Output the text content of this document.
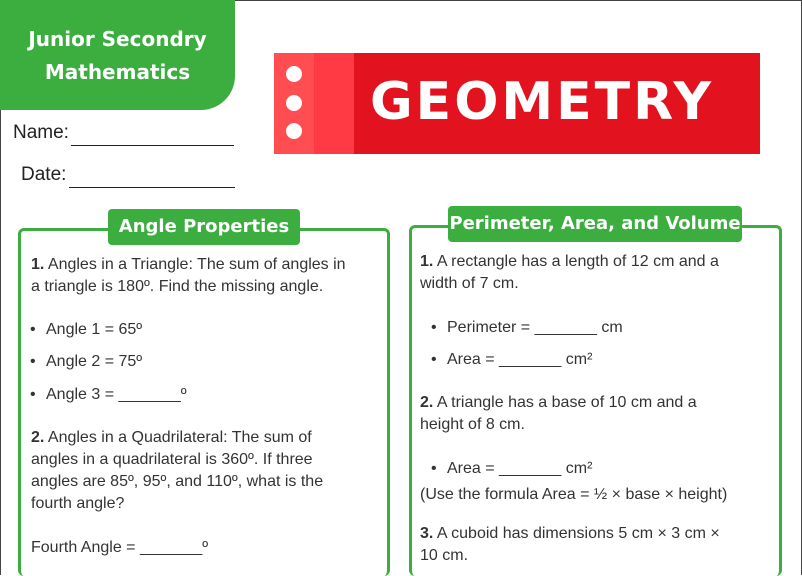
Junior Secondry
Mathematics
Name:
Date:
GEOMETRY
Angle Properties
1. Angles in a Triangle: The sum of angles in
a triangle is 180º. Find the missing angle.
• Angle 1 = 65º
• Angle 2 = 75º
• Angle 3 = _______º
2. Angles in a Quadrilateral: The sum of
angles in a quadrilateral is 360º. If three
angles are 85º, 95º, and 110º, what is the
fourth angle?
Fourth Angle = _______º
Perimeter, Area, and Volume
1. A rectangle has a length of 12 cm and a
width of 7 cm.
• Perimeter = _______ cm
• Area = _______ cm²
2. A triangle has a base of 10 cm and a
height of 8 cm.
• Area = _______ cm²
(Use the formula Area = ½ × base × height)
3. A cuboid has dimensions 5 cm × 3 cm ×
10 cm.
